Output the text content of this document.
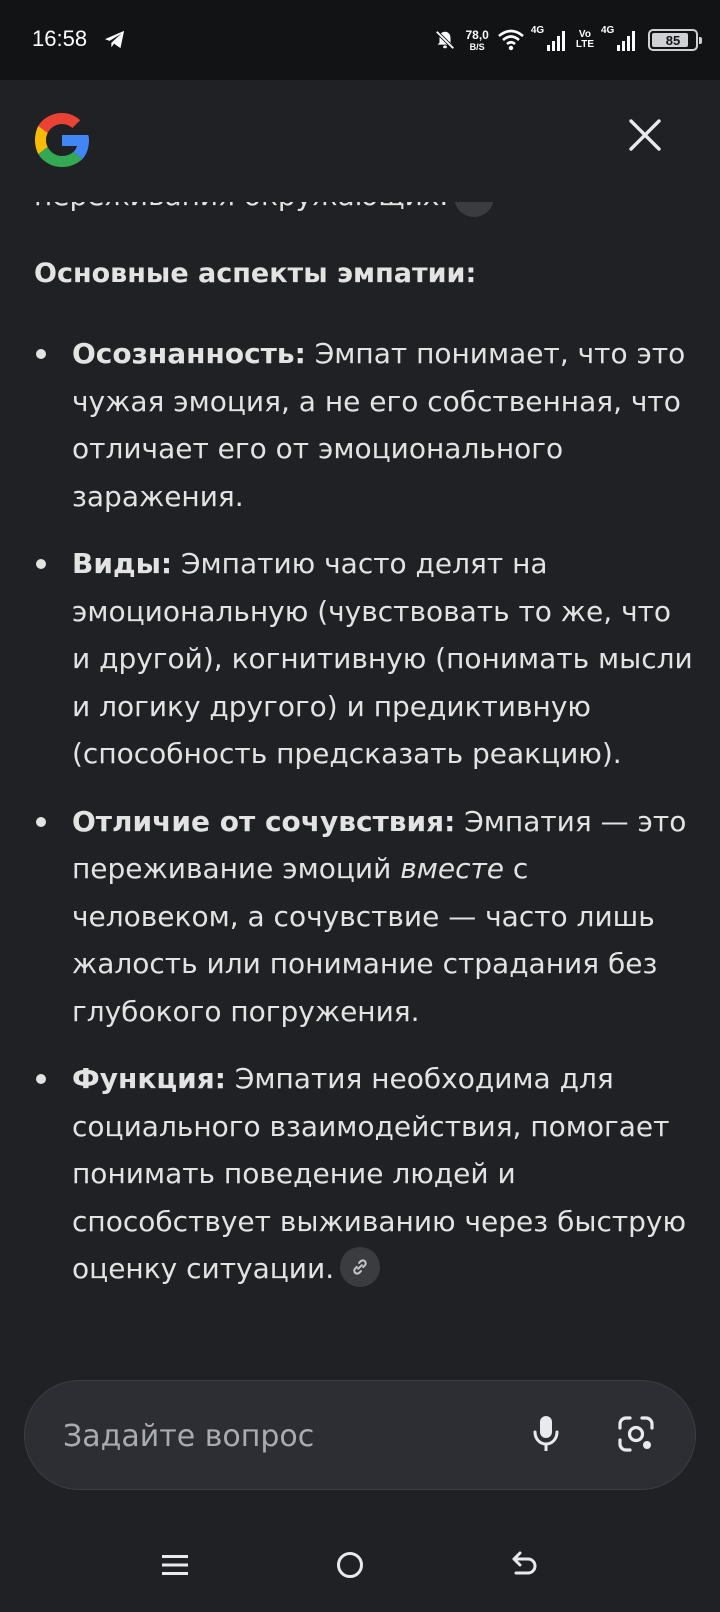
16:58	78,0
B/S
4G	Vo
LTE
4G
85
Основные аспекты эмпатии:
Осознанность: Эмпат понимает, что это чужая эмоция, а не его собственная, что отличает его от эмоционального заражения.
Виды: Эмпатию часто делят на эмоциональную (чувствовать то же, что и другой), когнитивную (понимать мысли и логику другого) и предиктивную (способность предсказать реакцию).
Отличие от сочувствия: Эмпатия — это переживание эмоций вместе с человеком, а сочувствие — часто лишь жалость или понимание страдания без глубокого погружения.
Функция: Эмпатия необходима для социального взаимодействия, помогает понимать поведение людей и способствует выживанию через быструю оценку ситуации.
Задайте вопрос
